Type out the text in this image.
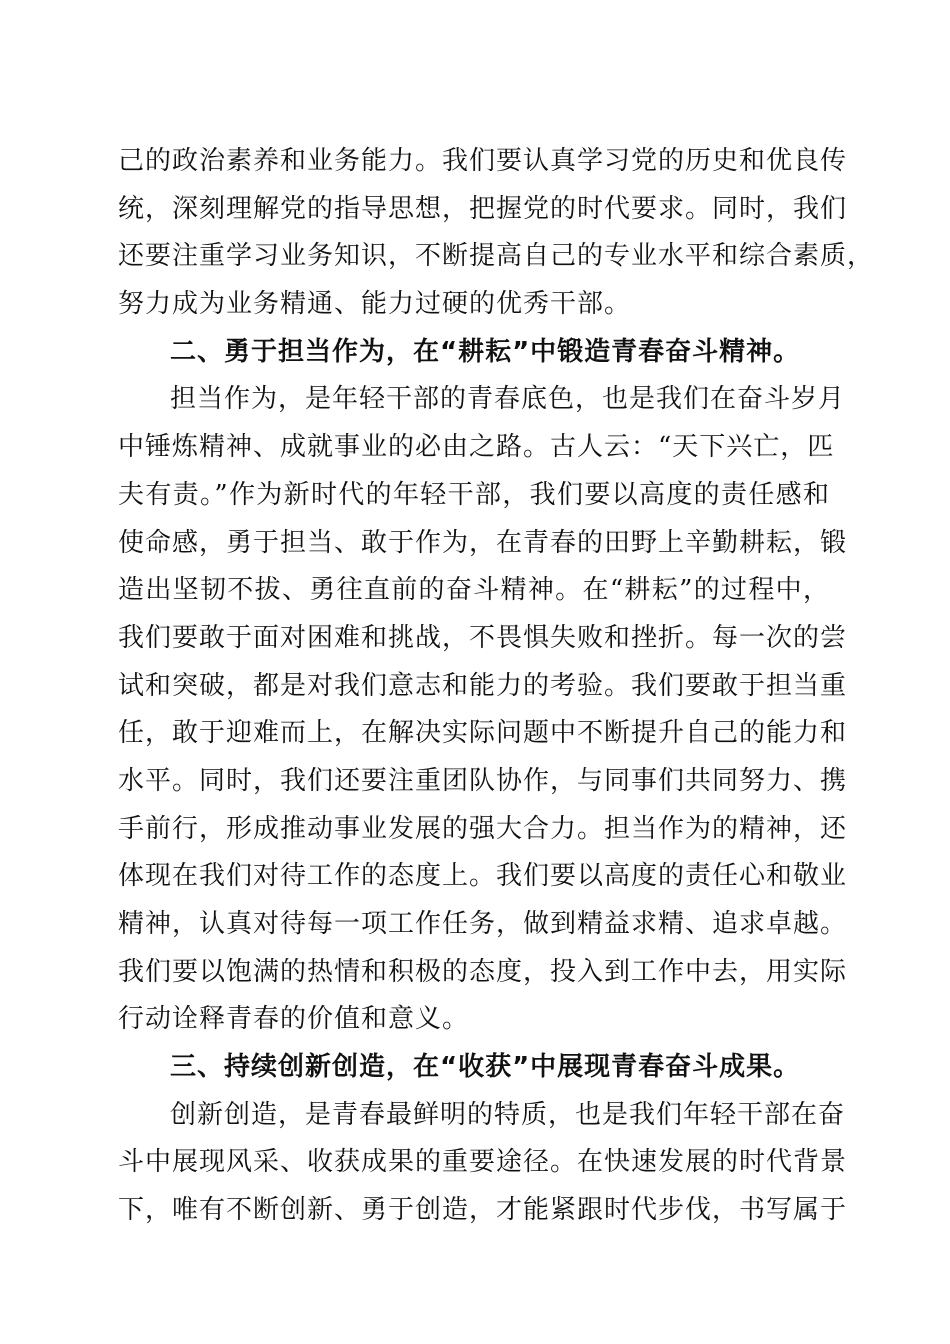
己的政治素养和业务能力。我们要认真学习党的历史和优良传
统，深刻理解党的指导思想，把握党的时代要求。同时，我们
还要注重学习业务知识，不断提高自己的专业水平和综合素质，
努力成为业务精通、能力过硬的优秀干部。
二、勇于担当作为，在“耕耘”中锻造青春奋斗精神。
担当作为，是年轻干部的青春底色，也是我们在奋斗岁月
中锤炼精神、成就事业的必由之路。古人云：“天下兴亡，匹
夫有责。”作为新时代的年轻干部，我们要以高度的责任感和
使命感，勇于担当、敢于作为，在青春的田野上辛勤耕耘，锻
造出坚韧不拔、勇往直前的奋斗精神。在“耕耘”的过程中，
我们要敢于面对困难和挑战，不畏惧失败和挫折。每一次的尝
试和突破，都是对我们意志和能力的考验。我们要敢于担当重
任，敢于迎难而上，在解决实际问题中不断提升自己的能力和
水平。同时，我们还要注重团队协作，与同事们共同努力、携
手前行，形成推动事业发展的强大合力。担当作为的精神，还
体现在我们对待工作的态度上。我们要以高度的责任心和敬业
精神，认真对待每一项工作任务，做到精益求精、追求卓越。
我们要以饱满的热情和积极的态度，投入到工作中去，用实际
行动诠释青春的价值和意义。
三、持续创新创造，在“收获”中展现青春奋斗成果。
创新创造，是青春最鲜明的特质，也是我们年轻干部在奋
斗中展现风采、收获成果的重要途径。在快速发展的时代背景
下，唯有不断创新、勇于创造，才能紧跟时代步伐，书写属于
